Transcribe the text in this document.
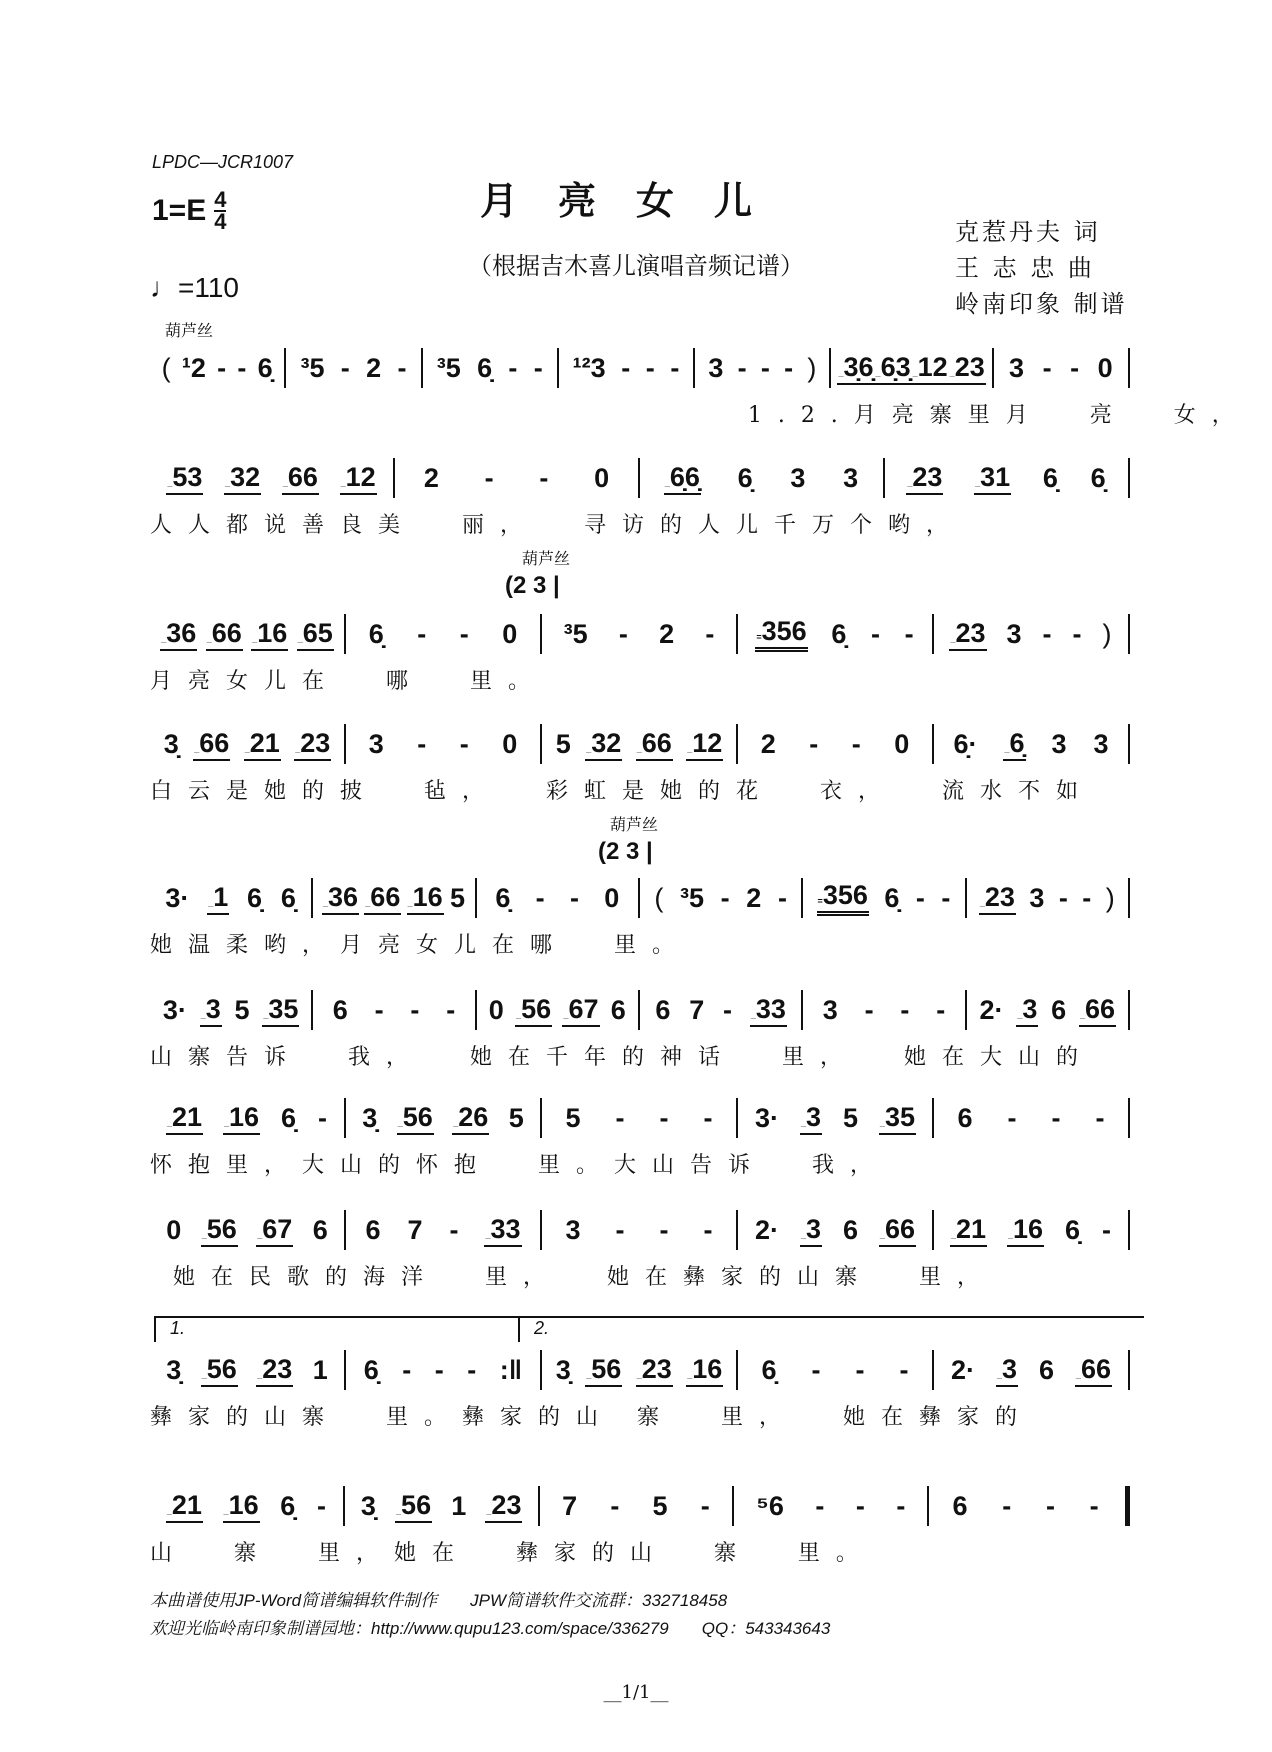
LPDC—JCR1007
$1=E \frac{4}{4}$
♩=110
月亮女儿
（根据吉木喜儿演唱音频记谱）
克惹丹夫 词
王 志 忠 曲
岭南印象 制谱
葫芦丝
葫芦丝
(2 3 |
葫芦丝
(2 3 |
1.	2.
( ¹2 - - 6̣ ³5 - 2 - ³5 6̣ - - ¹²3 - - - 3 - - - ) _3̣6̣ _6̣3̣ _12 _23 3 - - 0
1.2.月亮寨里月  亮  女，
_53 _32 _66 _12 2 - - 0 _6̣6̣ 6̣ 3 3 _23 _31 6̣ 6̣
人人都说善良美  丽，  寻访的人儿千万个哟，
_36 _66 _16 _65 6̣ - - 0 ³5 - 2 - =356 6̣ - - _23 3 - - )
月亮女儿在  哪  里。
3̣ _66 _21 _23 3 - - 0 5 _32 _66 _12 2 - - 0 6̣· _6̣ 3 3
白云是她的披  毡，  彩虹是她的花  衣，  流水不如
3· _1 6̣ 6̣ _36 _66 _16 5 6̣ - - 0 ( ³5 - 2 - =356 6̣ - - _23 3 - - )
她温柔哟，月亮女儿在哪  里。
3· _3 5 _35 6 - - - 0 _56 _67 6 6 7 - _33 3 - - - 2· _3 6 _66
山寨告诉  我，  她在千年的神话  里，  她在大山的
_21 _16 6̣ - 3̣ _56 _26 5 5 - - - 3· _3 5 _35 6 - - -
怀抱里，大山的怀抱  里。大山告诉  我，
0 _56 _67 6 6 7 - _33 3 - - - 2· _3 6 _66 _21 _16 6̣ -
她在民歌的海洋  里，  她在彝家的山寨  里，
3̣ _56 _23 1 6̣ - - - :‖ 3̣ _56 _23 _16 6̣ - - - 2· _3 6 _66
彝家的山寨  里。彝家的山 寨  里，  她在彝家的
_21 _16 6̣ - 3̣ _56 1 _23 7 - 5 - ⁵6 - - - 6 - - -
山  寨  里，她在  彝家的山  寨  里。
本曲谱使用JP-Word简谱编辑软件制作       JPW简谱软件交流群：332718458
欢迎光临岭南印象制谱园地：http://www.qupu123.com/space/336279       QQ：543343643
__1/1__
